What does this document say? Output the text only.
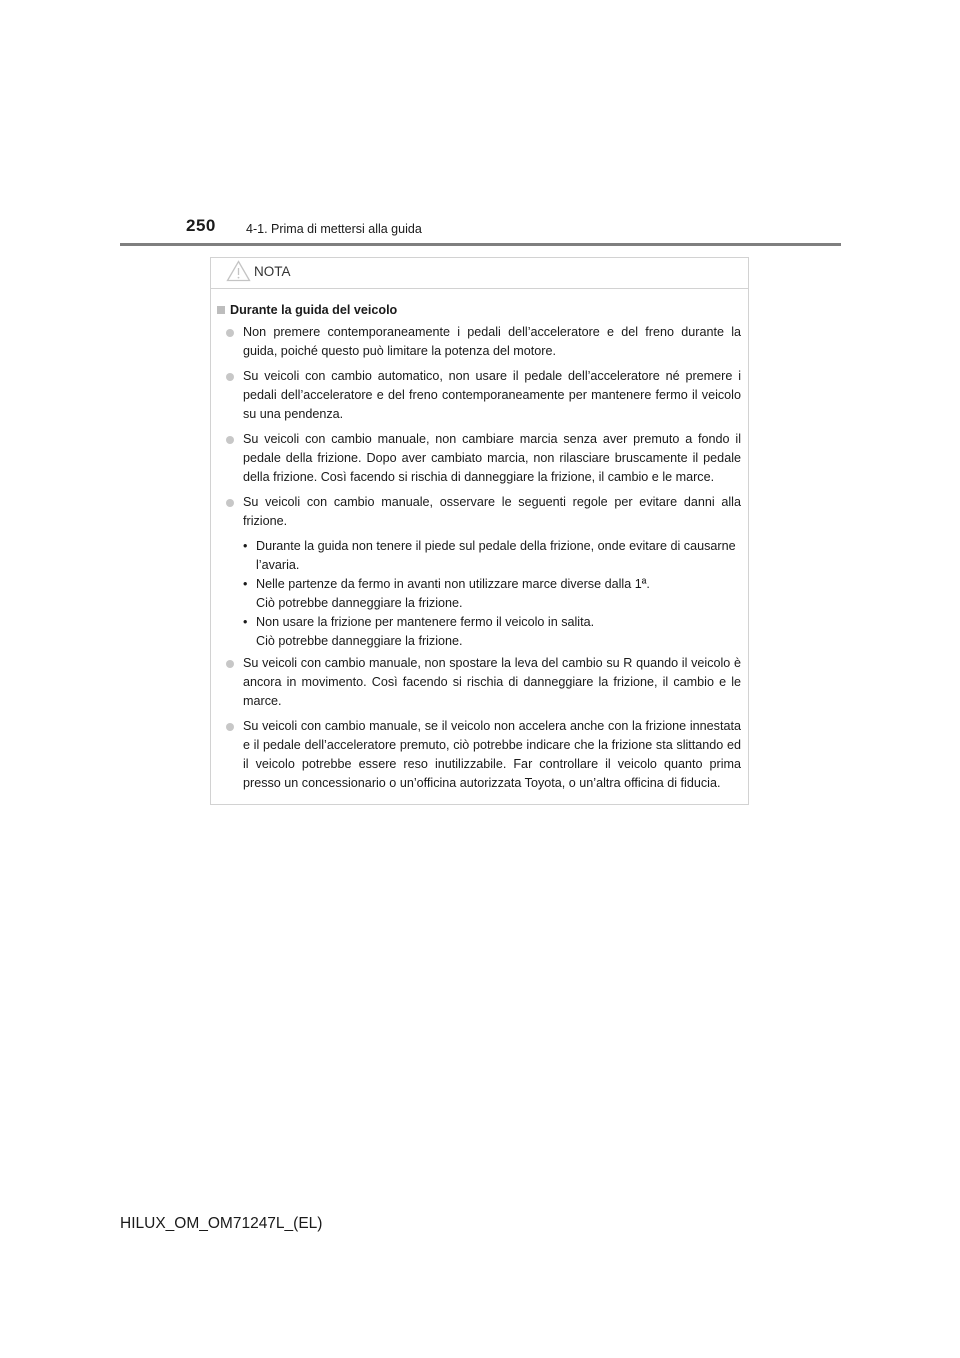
250 4-1. Prima di mettersi alla guida
NOTA
Durante la guida del veicolo
Non premere contemporaneamente i pedali dell’acceleratore e del freno durante la guida, poiché questo può limitare la potenza del motore.
Su veicoli con cambio automatico, non usare il pedale dell’acceleratore né premere i pedali dell’acceleratore e del freno contemporaneamente per mantenere fermo il veicolo su una pendenza.
Su veicoli con cambio manuale, non cambiare marcia senza aver premuto a fondo il pedale della frizione. Dopo aver cambiato marcia, non rilasciare bruscamente il pedale della frizione. Così facendo si rischia di danneggiare la frizione, il cambio e le marce.
Su veicoli con cambio manuale, osservare le seguenti regole per evitare danni alla frizione.
• Durante la guida non tenere il piede sul pedale della frizione, onde evitare di causarne l’avaria.
• Nelle partenze da fermo in avanti non utilizzare marce diverse dalla 1ª.
Ciò potrebbe danneggiare la frizione.
• Non usare la frizione per mantenere fermo il veicolo in salita.
Ciò potrebbe danneggiare la frizione.
Su veicoli con cambio manuale, non spostare la leva del cambio su R quando il veicolo è ancora in movimento. Così facendo si rischia di danneggiare la frizione, il cambio e le marce.
Su veicoli con cambio manuale, se il veicolo non accelera anche con la frizione innestata e il pedale dell’acceleratore premuto, ciò potrebbe indicare che la frizione sta slittando ed il veicolo potrebbe essere reso inutilizzabile. Far controllare il veicolo quanto prima presso un concessionario o un’officina autorizzata Toyota, o un’altra officina di fiducia.
HILUX_OM_OM71247L_(EL)
